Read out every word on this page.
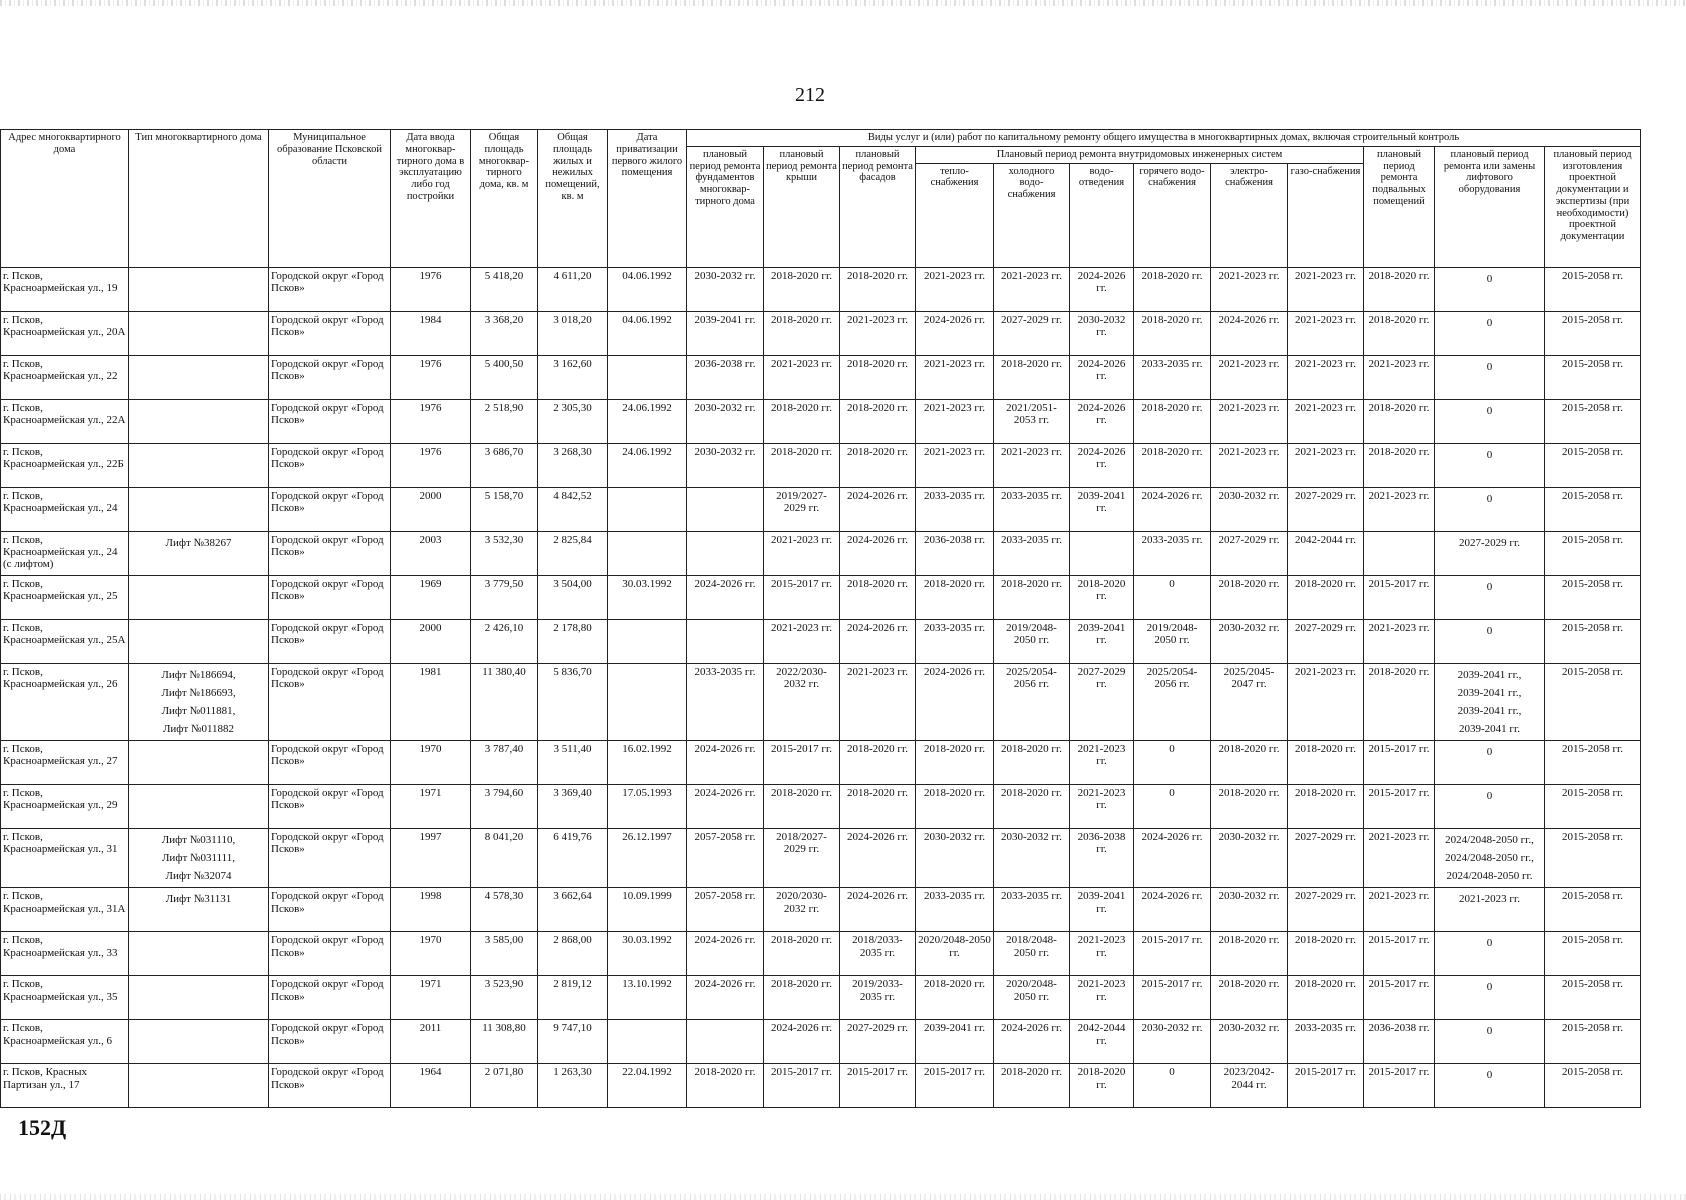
212
Адрес многоквартирного дома	Тип многоквартирного дома	Муниципальное образование Псковской области	Дата ввода многоквар-тирного дома в эксплуатацию либо год постройки	Общая площадь многоквар-тирного дома, кв. м	Общая площадь жилых и нежилых помещений, кв. м	Дата приватизации первого жилого помещения	Виды услуг и (или) работ по капитальному ремонту общего имущества в многоквартирных домах, включая строительный контроль											
							плановый период ремонта фундаментов многоквар-тирного дома	плановый период ремонта крыши	плановый период ремонта фасадов	Плановый период ремонта внутридомовых инженерных систем						плановый период ремонта подвальных помещений	плановый период ремонта или замены лифтового оборудования	плановый период изготовления проектной документации и экспертизы (при необходимости) проектной документации
										тепло-снабжения	холодного водо-снабжения	водо-отведения	горячего водо-снабжения	электро-снабжения	газо-снабжения			
г. Псков, Красноармейская ул., 19		Городской округ «Город Псков»	1976	5 418,20	4 611,20	04.06.1992	2030-2032 гг.	2018-2020 гг.	2018-2020 гг.	2021-2023 гг.	2021-2023 гг.	2024-2026 гг.	2018-2020 гг.	2021-2023 гг.	2021-2023 гг.	2018-2020 гг.	0	2015-2058 гг.
г. Псков, Красноармейская ул., 20А		Городской округ «Город Псков»	1984	3 368,20	3 018,20	04.06.1992	2039-2041 гг.	2018-2020 гг.	2021-2023 гг.	2024-2026 гг.	2027-2029 гг.	2030-2032 гг.	2018-2020 гг.	2024-2026 гг.	2021-2023 гг.	2018-2020 гг.	0	2015-2058 гг.
г. Псков, Красноармейская ул., 22		Городской округ «Город Псков»	1976	5 400,50	3 162,60		2036-2038 гг.	2021-2023 гг.	2018-2020 гг.	2021-2023 гг.	2018-2020 гг.	2024-2026 гг.	2033-2035 гг.	2021-2023 гг.	2021-2023 гг.	2021-2023 гг.	0	2015-2058 гг.
г. Псков, Красноармейская ул., 22А		Городской округ «Город Псков»	1976	2 518,90	2 305,30	24.06.1992	2030-2032 гг.	2018-2020 гг.	2018-2020 гг.	2021-2023 гг.	2021/2051-2053 гг.	2024-2026 гг.	2018-2020 гг.	2021-2023 гг.	2021-2023 гг.	2018-2020 гг.	0	2015-2058 гг.
г. Псков, Красноармейская ул., 22Б		Городской округ «Город Псков»	1976	3 686,70	3 268,30	24.06.1992	2030-2032 гг.	2018-2020 гг.	2018-2020 гг.	2021-2023 гг.	2021-2023 гг.	2024-2026 гг.	2018-2020 гг.	2021-2023 гг.	2021-2023 гг.	2018-2020 гг.	0	2015-2058 гг.
г. Псков, Красноармейская ул., 24		Городской округ «Город Псков»	2000	5 158,70	4 842,52			2019/2027-2029 гг.	2024-2026 гг.	2033-2035 гг.	2033-2035 гг.	2039-2041 гг.	2024-2026 гг.	2030-2032 гг.	2027-2029 гг.	2021-2023 гг.	0	2015-2058 гг.
г. Псков, Красноармейская ул., 24 (с лифтом)	Лифт №38267	Городской округ «Город Псков»	2003	3 532,30	2 825,84			2021-2023 гг.	2024-2026 гг.	2036-2038 гг.	2033-2035 гг.		2033-2035 гг.	2027-2029 гг.	2042-2044 гг.		2027-2029 гг.	2015-2058 гг.
г. Псков, Красноармейская ул., 25		Городской округ «Город Псков»	1969	3 779,50	3 504,00	30.03.1992	2024-2026 гг.	2015-2017 гг.	2018-2020 гг.	2018-2020 гг.	2018-2020 гг.	2018-2020 гг.	0	2018-2020 гг.	2018-2020 гг.	2015-2017 гг.	0	2015-2058 гг.
г. Псков, Красноармейская ул., 25А		Городской округ «Город Псков»	2000	2 426,10	2 178,80			2021-2023 гг.	2024-2026 гг.	2033-2035 гг.	2019/2048-2050 гг.	2039-2041 гг.	2019/2048-2050 гг.	2030-2032 гг.	2027-2029 гг.	2021-2023 гг.	0	2015-2058 гг.
г. Псков, Красноармейская ул., 26	Лифт №186694,
Лифт №186693,
Лифт №011881,
Лифт №011882	Городской округ «Город Псков»	1981	11 380,40	5 836,70		2033-2035 гг.	2022/2030-2032 гг.	2021-2023 гг.	2024-2026 гг.	2025/2054-2056 гг.	2027-2029 гг.	2025/2054-2056 гг.	2025/2045-2047 гг.	2021-2023 гг.	2018-2020 гг.	2039-2041 гг.,
2039-2041 гг.,
2039-2041 гг.,
2039-2041 гг.	2015-2058 гг.
г. Псков, Красноармейская ул., 27		Городской округ «Город Псков»	1970	3 787,40	3 511,40	16.02.1992	2024-2026 гг.	2015-2017 гг.	2018-2020 гг.	2018-2020 гг.	2018-2020 гг.	2021-2023 гг.	0	2018-2020 гг.	2018-2020 гг.	2015-2017 гг.	0	2015-2058 гг.
г. Псков, Красноармейская ул., 29		Городской округ «Город Псков»	1971	3 794,60	3 369,40	17.05.1993	2024-2026 гг.	2018-2020 гг.	2018-2020 гг.	2018-2020 гг.	2018-2020 гг.	2021-2023 гг.	0	2018-2020 гг.	2018-2020 гг.	2015-2017 гг.	0	2015-2058 гг.
г. Псков, Красноармейская ул., 31	Лифт №031110,
Лифт №031111,
Лифт №32074	Городской округ «Город Псков»	1997	8 041,20	6 419,76	26.12.1997	2057-2058 гг.	2018/2027-2029 гг.	2024-2026 гг.	2030-2032 гг.	2030-2032 гг.	2036-2038 гг.	2024-2026 гг.	2030-2032 гг.	2027-2029 гг.	2021-2023 гг.	2024/2048-2050 гг.,
2024/2048-2050 гг.,
2024/2048-2050 гг.	2015-2058 гг.
г. Псков, Красноармейская ул., 31А	Лифт №31131	Городской округ «Город Псков»	1998	4 578,30	3 662,64	10.09.1999	2057-2058 гг.	2020/2030-2032 гг.	2024-2026 гг.	2033-2035 гг.	2033-2035 гг.	2039-2041 гг.	2024-2026 гг.	2030-2032 гг.	2027-2029 гг.	2021-2023 гг.	2021-2023 гг.	2015-2058 гг.
г. Псков, Красноармейская ул., 33		Городской округ «Город Псков»	1970	3 585,00	2 868,00	30.03.1992	2024-2026 гг.	2018-2020 гг.	2018/2033-2035 гг.	2020/2048-2050 гг.	2018/2048-2050 гг.	2021-2023 гг.	2015-2017 гг.	2018-2020 гг.	2018-2020 гг.	2015-2017 гг.	0	2015-2058 гг.
г. Псков, Красноармейская ул., 35		Городской округ «Город Псков»	1971	3 523,90	2 819,12	13.10.1992	2024-2026 гг.	2018-2020 гг.	2019/2033-2035 гг.	2018-2020 гг.	2020/2048-2050 гг.	2021-2023 гг.	2015-2017 гг.	2018-2020 гг.	2018-2020 гг.	2015-2017 гг.	0	2015-2058 гг.
г. Псков, Красноармейская ул., 6		Городской округ «Город Псков»	2011	11 308,80	9 747,10			2024-2026 гг.	2027-2029 гг.	2039-2041 гг.	2024-2026 гг.	2042-2044 гг.	2030-2032 гг.	2030-2032 гг.	2033-2035 гг.	2036-2038 гг.	0	2015-2058 гг.
г. Псков, Красных Партизан ул., 17		Городской округ «Город Псков»	1964	2 071,80	1 263,30	22.04.1992	2018-2020 гг.	2015-2017 гг.	2015-2017 гг.	2015-2017 гг.	2018-2020 гг.	2018-2020 гг.	0	2023/2042-2044 гг.	2015-2017 гг.	2015-2017 гг.	0	2015-2058 гг.
152Д
